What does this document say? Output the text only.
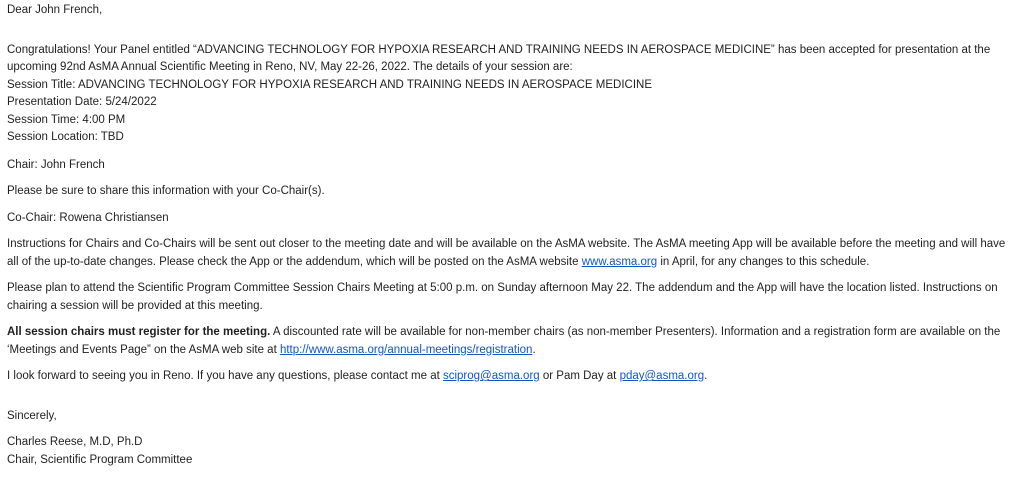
Dear John French,

Congratulations! Your Panel entitled “ADVANCING TECHNOLOGY FOR HYPOXIA RESEARCH AND TRAINING NEEDS IN AEROSPACE MEDICINE” has been accepted for presentation at the upcoming 92nd AsMA Annual Scientific Meeting in Reno, NV, May 22-26, 2022. The details of your session are:

Session Title: ADVANCING TECHNOLOGY FOR HYPOXIA RESEARCH AND TRAINING NEEDS IN AEROSPACE MEDICINE

Presentation Date: 5/24/2022

Session Time: 4:00 PM

Session Location: TBD

Chair: John French

Please be sure to share this information with your Co-Chair(s).

Co-Chair: Rowena Christiansen

Instructions for Chairs and Co-Chairs will be sent out closer to the meeting date and will be available on the AsMA website. The AsMA meeting App will be available before the meeting and will have all of the up-to-date changes. Please check the App or the addendum, which will be posted on the AsMA website www.asma.org in April, for any changes to this schedule.

Please plan to attend the Scientific Program Committee Session Chairs Meeting at 5:00 p.m. on Sunday afternoon May 22. The addendum and the App will have the location listed. Instructions on chairing a session will be provided at this meeting.

All session chairs must register for the meeting. A discounted rate will be available for non-member chairs (as non-member Presenters). Information and a registration form are available on the ‘Meetings and Events Page” on the AsMA web site at http://www.asma.org/annual-meetings/registration.

I look forward to seeing you in Reno. If you have any questions, please contact me at sciprog@asma.org or Pam Day at pday@asma.org.

Sincerely,

Charles Reese, M.D, Ph.D

Chair, Scientific Program Committee
